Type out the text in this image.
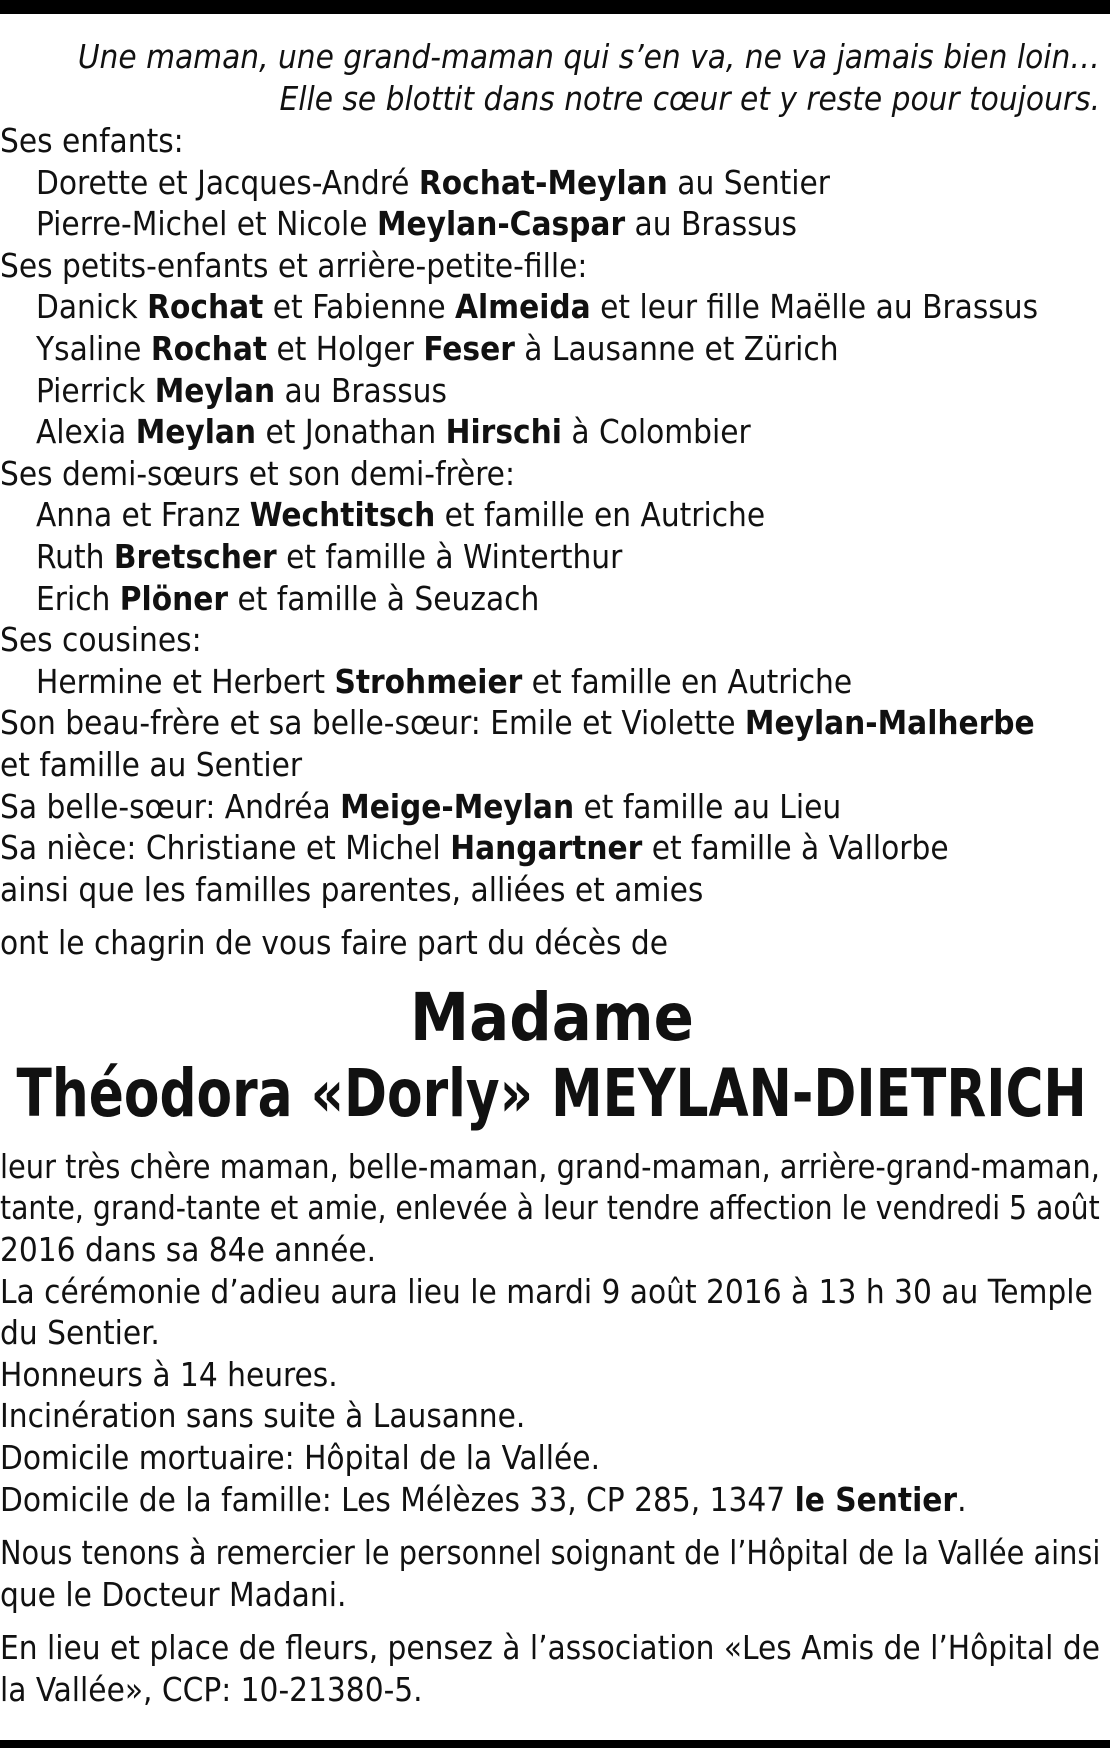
Une maman, une grand-maman qui s’en va, ne va jamais bien loin…
Elle se blottit dans notre cœur et y reste pour toujours.
Ses enfants:
Dorette et Jacques-André Rochat-Meylan au Sentier
Pierre-Michel et Nicole Meylan-Caspar au Brassus
Ses petits-enfants et arrière-petite-fille:
Danick Rochat et Fabienne Almeida et leur fille Maëlle au Brassus
Ysaline Rochat et Holger Feser à Lausanne et Zürich
Pierrick Meylan au Brassus
Alexia Meylan et Jonathan Hirschi à Colombier
Ses demi-sœurs et son demi-frère:
Anna et Franz Wechtitsch et famille en Autriche
Ruth Bretscher et famille à Winterthur
Erich Plöner et famille à Seuzach
Ses cousines:
Hermine et Herbert Strohmeier et famille en Autriche
Son beau-frère et sa belle-sœur: Emile et Violette Meylan-Malherbe
et famille au Sentier
Sa belle-sœur: Andréa Meige-Meylan et famille au Lieu
Sa nièce: Christiane et Michel Hangartner et famille à Vallorbe
ainsi que les familles parentes, alliées et amies
ont le chagrin de vous faire part du décès de
Madame
Théodora «Dorly» MEYLAN-DIETRICH
leur très chère maman, belle-maman, grand-maman, arrière-grand-maman,
tante, grand-tante et amie, enlevée à leur tendre affection le vendredi 5 août
2016 dans sa 84e année.
La cérémonie d’adieu aura lieu le mardi 9 août 2016 à 13 h 30 au Temple
du Sentier.
Honneurs à 14 heures.
Incinération sans suite à Lausanne.
Domicile mortuaire: Hôpital de la Vallée.
Domicile de la famille: Les Mélèzes 33, CP 285, 1347 le Sentier.
Nous tenons à remercier le personnel soignant de l’Hôpital de la Vallée ainsi
que le Docteur Madani.
En lieu et place de fleurs, pensez à l’association «Les Amis de l’Hôpital de
la Vallée», CCP: 10-21380-5.
